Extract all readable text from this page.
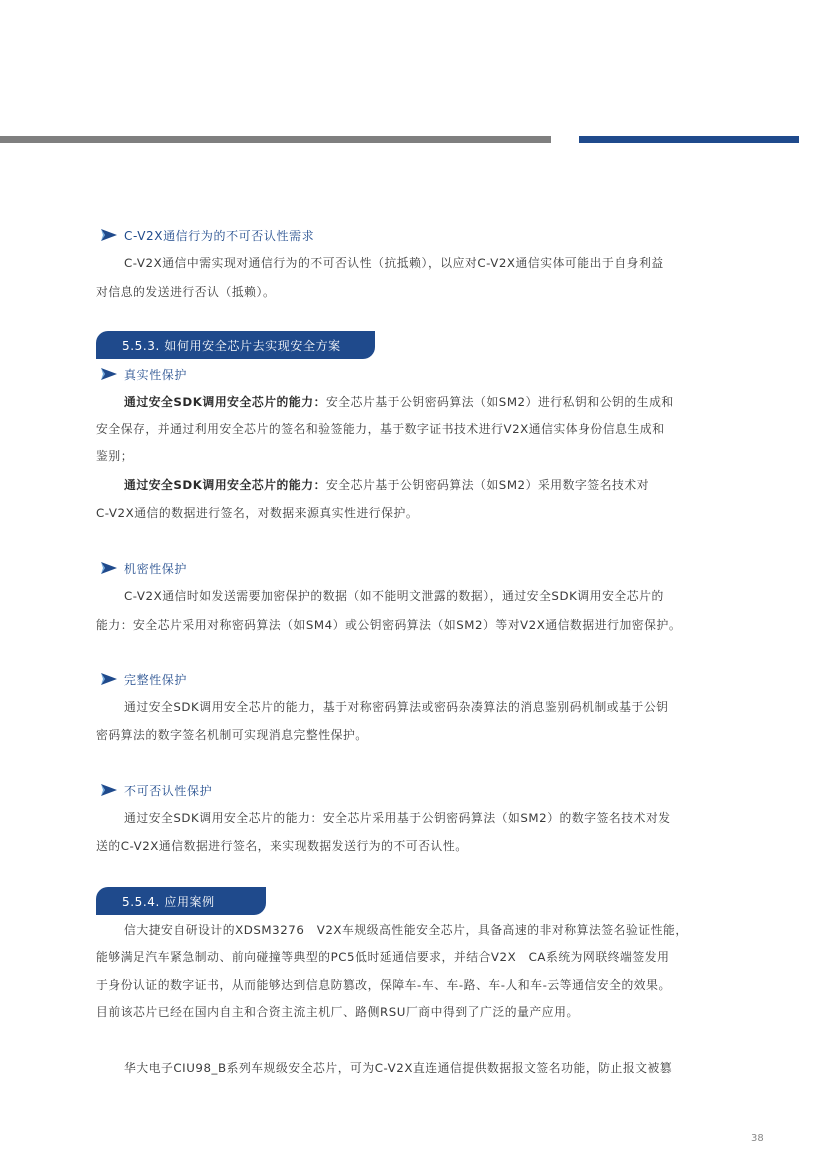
C-V2X通信行为的不可否认性需求
C-V2X通信中需实现对通信行为的不可否认性（抗抵赖），以应对C-V2X通信实体可能出于自身利益
对信息的发送进行否认（抵赖）。
5.5.3. 如何用安全芯片去实现安全方案
真实性保护
通过安全SDK调用安全芯片的能力：安全芯片基于公钥密码算法（如SM2）进行私钥和公钥的生成和
安全保存，并通过利用安全芯片的签名和验签能力，基于数字证书技术进行V2X通信实体身份信息生成和
鉴别；
通过安全SDK调用安全芯片的能力：安全芯片基于公钥密码算法（如SM2）采用数字签名技术对
C-V2X通信的数据进行签名，对数据来源真实性进行保护。
机密性保护
C-V2X通信时如发送需要加密保护的数据（如不能明文泄露的数据），通过安全SDK调用安全芯片的
能力：安全芯片采用对称密码算法（如SM4）或公钥密码算法（如SM2）等对V2X通信数据进行加密保护。
完整性保护
通过安全SDK调用安全芯片的能力，基于对称密码算法或密码杂凑算法的消息鉴别码机制或基于公钥
密码算法的数字签名机制可实现消息完整性保护。
不可否认性保护
通过安全SDK调用安全芯片的能力：安全芯片采用基于公钥密码算法（如SM2）的数字签名技术对发
送的C-V2X通信数据进行签名，来实现数据发送行为的不可否认性。
5.5.4. 应用案例
信大捷安自研设计的XDSM3276　V2X车规级高性能安全芯片，具备高速的非对称算法签名验证性能，
能够满足汽车紧急制动、前向碰撞等典型的PC5低时延通信要求，并结合V2X　CA系统为网联终端签发用
于身份认证的数字证书，从而能够达到信息防篡改，保障车-车、车-路、车-人和车-云等通信安全的效果。
目前该芯片已经在国内自主和合资主流主机厂、路侧RSU厂商中得到了广泛的量产应用。
华大电子CIU98_B系列车规级安全芯片，可为C-V2X直连通信提供数据报文签名功能，防止报文被篡
38
